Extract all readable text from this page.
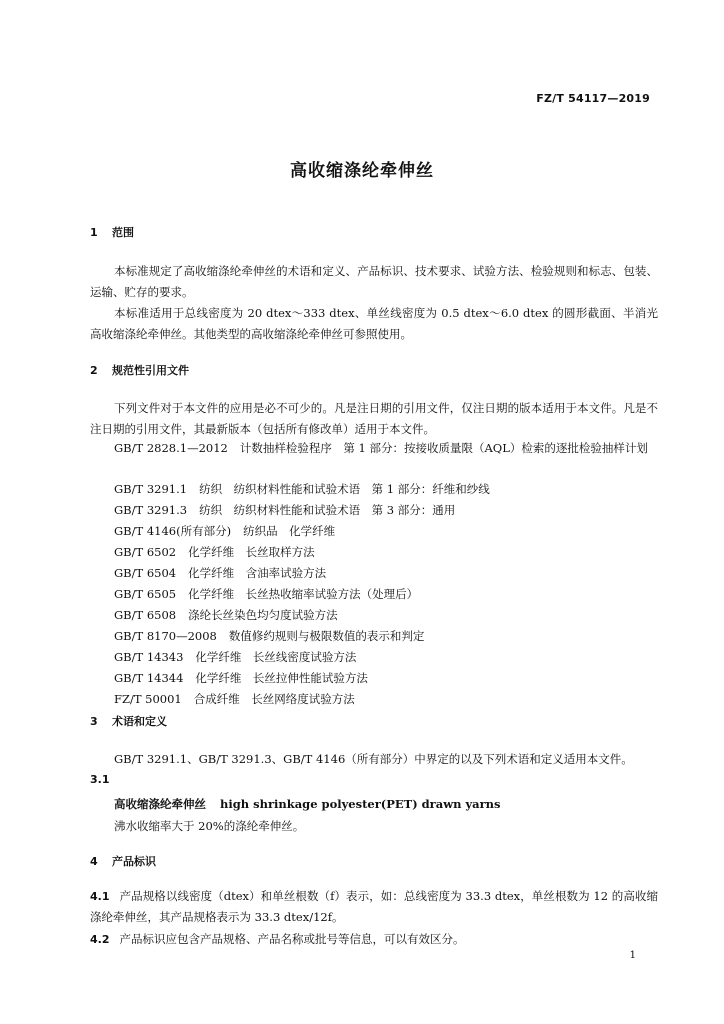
FZ/T 54117—2019
高收缩涤纶牵伸丝
1 范围
本标准规定了高收缩涤纶牵伸丝的术语和定义、产品标识、技术要求、试验方法、检验规则和标志、包装、运输、贮存的要求。
本标准适用于总线密度为 20 dtex～333 dtex、单丝线密度为 0.5 dtex～6.0 dtex 的圆形截面、半消光高收缩涤纶牵伸丝。其他类型的高收缩涤纶牵伸丝可参照使用。
2 规范性引用文件
下列文件对于本文件的应用是必不可少的。凡是注日期的引用文件，仅注日期的版本适用于本文件。凡是不注日期的引用文件，其最新版本（包括所有修改单）适用于本文件。
GB/T 2828.1—2012 计数抽样检验程序　第 1 部分：按接收质量限（AQL）检索的逐批检验抽样计划
GB/T 3291.1 纺织　纺织材料性能和试验术语　第 1 部分：纤维和纱线
GB/T 3291.3 纺织　纺织材料性能和试验术语　第 3 部分：通用
GB/T 4146(所有部分) 纺织品　化学纤维
GB/T 6502 化学纤维　长丝取样方法
GB/T 6504 化学纤维　含油率试验方法
GB/T 6505 化学纤维　长丝热收缩率试验方法（处理后）
GB/T 6508 涤纶长丝染色均匀度试验方法
GB/T 8170—2008 数值修约规则与极限数值的表示和判定
GB/T 14343 化学纤维　长丝线密度试验方法
GB/T 14344 化学纤维　长丝拉伸性能试验方法
FZ/T 50001 合成纤维　长丝网络度试验方法
3 术语和定义
GB/T 3291.1、GB/T 3291.3、GB/T 4146（所有部分）中界定的以及下列术语和定义适用本文件。
3.1
高收缩涤纶牵伸丝 high shrinkage polyester(PET) drawn yarns
沸水收缩率大于 20%的涤纶牵伸丝。
4 产品标识
4.1 产品规格以线密度（dtex）和单丝根数（f）表示，如：总线密度为 33.3 dtex，单丝根数为 12 的高收缩涤纶牵伸丝，其产品规格表示为 33.3 dtex/12f。
4.2 产品标识应包含产品规格、产品名称或批号等信息，可以有效区分。
1
